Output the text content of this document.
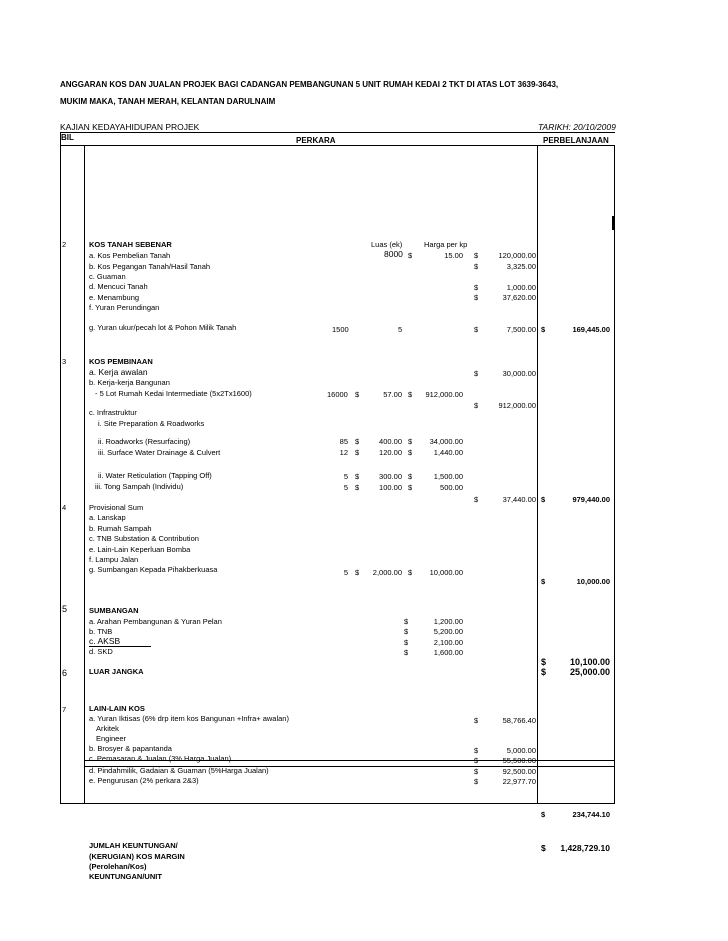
ANGGARAN KOS DAN JUALAN PROJEK BAGI CADANGAN PEMBANGUNAN 5 UNIT RUMAH KEDAI 2 TKT DI ATAS LOT 3639-3643,
MUKIM MAKA, TANAH MERAH, KELANTAN DARULNAIM
KAJIAN KEDAYAHIDUPAN PROJEK	TARIKH: 20/10/2009
BIL	PERKARA	PERBELANJAAN
2	KOS TANAH SEBENAR	Luas (ek)	Harga per kp
a. Kos Pembelian Tanah	8000 $	15.00 $	120,000.00
b. Kos Pegangan Tanah/Hasil Tanah	$	3,325.00
c. Guaman
d. Mencuci Tanah	$	1,000.00
e. Menambung	$	37,620.00
f. Yuran Perundingan
g. Yuran ukur/pecah lot & Pohon Milik Tanah	1500	5	$	7,500.00 $	169,445.00
3	KOS PEMBINAAN
a. Kerja awalan	$	30,000.00
b. Kerja-kerja Bangunan
- 5 Lot Rumah Kedai Intermediate (5x2Tx1600)	16000 $	57.00 $	912,000.00
$	912,000.00
c. Infrastruktur
i. Site Preparation & Roadworks
ii. Roadworks (Resurfacing)	85 $	400.00 $	34,000.00
iii. Surface Water Drainage & Culvert	12 $	120.00 $	1,440.00
ii. Water Reticulation (Tapping Off)	5 $	300.00 $	1,500.00
iii. Tong Sampah (Individu)	5 $	100.00 $	500.00
$	37,440.00 $	979,440.00
4	Provisional Sum
a. Lanskap
b. Rumah Sampah
c. TNB Substation & Contribution
e. Lain-Lain Keperluan Bomba
f. Lampu Jalan
g. Sumbangan Kepada Pihakberkuasa	5 $	2,000.00 $	10,000.00
$	10,000.00
5	SUMBANGAN
a. Arahan Pembangunan & Yuran Pelan	$	1,200.00
b. TNB	$	5,200.00
c. AKSB	$	2,100.00
d. SKD	$	1,600.00
$	10,100.00
6	LUAR JANGKA	$	25,000.00
7	LAIN-LAIN KOS
a. Yuran Iktisas (6% drp item kos Bangunan +Infra+ awalan)	$	58,766.40
Arkitek
Engineer
b. Brosyer & papantanda	$	5,000.00
c. Pemasaran & Jualan (3% Harga Jualan)	$	55,500.00
d. Pindahmilik, Gadaian & Guaman (5%Harga Jualan)	$	92,500.00
e. Pengurusan (2% perkara 2&3)	$	22,977.70
$	234,744.10
JUMLAH KEUNTUNGAN/
(KERUGIAN) KOS MARGIN
(Perolehan/Kos)
KEUNTUNGAN/UNIT
$	1,428,729.10
